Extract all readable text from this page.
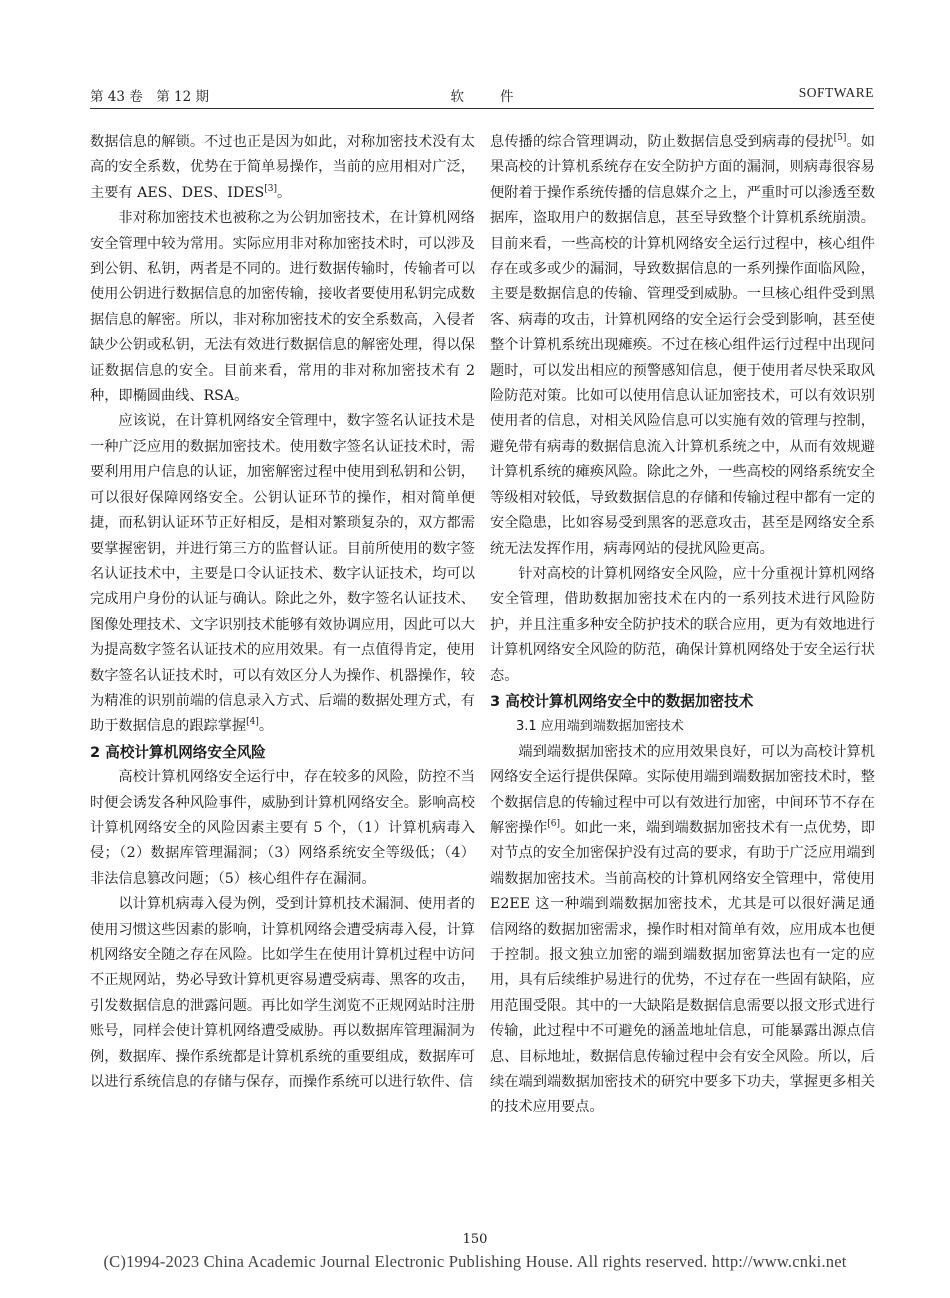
第 43 卷　第 12 期	软件	SOFTWARE

数据信息的解锁。不过也正是因为如此，对称加密技术没有太高的安全系数，优势在于简单易操作，当前的应用相对广泛，主要有 AES、DES、IDES[3]。

非对称加密技术也被称之为公钥加密技术，在计算机网络安全管理中较为常用。实际应用非对称加密技术时，可以涉及到公钥、私钥，两者是不同的。进行数据传输时，传输者可以使用公钥进行数据信息的加密传输，接收者要使用私钥完成数据信息的解密。所以，非对称加密技术的安全系数高，入侵者缺少公钥或私钥，无法有效进行数据信息的解密处理，得以保证数据信息的安全。目前来看，常用的非对称加密技术有 2 种，即椭圆曲线、RSA。

应该说，在计算机网络安全管理中，数字签名认证技术是一种广泛应用的数据加密技术。使用数字签名认证技术时，需要利用用户信息的认证，加密解密过程中使用到私钥和公钥，可以很好保障网络安全。公钥认证环节的操作，相对简单便捷，而私钥认证环节正好相反，是相对繁琐复杂的，双方都需要掌握密钥，并进行第三方的监督认证。目前所使用的数字签名认证技术中，主要是口令认证技术、数字认证技术，均可以完成用户身份的认证与确认。除此之外，数字签名认证技术、图像处理技术、文字识别技术能够有效协调应用，因此可以大为提高数字签名认证技术的应用效果。有一点值得肯定，使用数字签名认证技术时，可以有效区分人为操作、机器操作，较为精准的识别前端的信息录入方式、后端的数据处理方式，有助于数据信息的跟踪掌握[4]。

2 高校计算机网络安全风险

高校计算机网络安全运行中，存在较多的风险，防控不当时便会诱发各种风险事件，威胁到计算机网络安全。影响高校计算机网络安全的风险因素主要有 5 个，（1）计算机病毒入侵；（2）数据库管理漏洞；（3）网络系统安全等级低；（4）非法信息篡改问题；（5）核心组件存在漏洞。

以计算机病毒入侵为例，受到计算机技术漏洞、使用者的使用习惯这些因素的影响，计算机网络会遭受病毒入侵，计算机网络安全随之存在风险。比如学生在使用计算机过程中访问不正规网站，势必导致计算机更容易遭受病毒、黑客的攻击，引发数据信息的泄露问题。再比如学生浏览不正规网站时注册账号，同样会使计算机网络遭受威胁。再以数据库管理漏洞为例，数据库、操作系统都是计算机系统的重要组成，数据库可以进行系统信息的存储与保存，而操作系统可以进行软件、信

息传播的综合管理调动，防止数据信息受到病毒的侵扰[5]。如果高校的计算机系统存在安全防护方面的漏洞，则病毒很容易便附着于操作系统传播的信息媒介之上，严重时可以渗透至数据库，盗取用户的数据信息，甚至导致整个计算机系统崩溃。目前来看，一些高校的计算机网络安全运行过程中，核心组件存在或多或少的漏洞，导致数据信息的一系列操作面临风险，主要是数据信息的传输、管理受到威胁。一旦核心组件受到黑客、病毒的攻击，计算机网络的安全运行会受到影响，甚至使整个计算机系统出现瘫痪。不过在核心组件运行过程中出现问题时，可以发出相应的预警感知信息，便于使用者尽快采取风险防范对策。比如可以使用信息认证加密技术，可以有效识别使用者的信息，对相关风险信息可以实施有效的管理与控制，避免带有病毒的数据信息流入计算机系统之中，从而有效规避计算机系统的瘫痪风险。除此之外，一些高校的网络系统安全等级相对较低，导致数据信息的存储和传输过程中都有一定的安全隐患，比如容易受到黑客的恶意攻击，甚至是网络安全系统无法发挥作用，病毒网站的侵扰风险更高。

针对高校的计算机网络安全风险，应十分重视计算机网络安全管理，借助数据加密技术在内的一系列技术进行风险防护，并且注重多种安全防护技术的联合应用，更为有效地进行计算机网络安全风险的防范，确保计算机网络处于安全运行状态。

3 高校计算机网络安全中的数据加密技术
3.1 应用端到端数据加密技术

端到端数据加密技术的应用效果良好，可以为高校计算机网络安全运行提供保障。实际使用端到端数据加密技术时，整个数据信息的传输过程中可以有效进行加密，中间环节不存在解密操作[6]。如此一来，端到端数据加密技术有一点优势，即对节点的安全加密保护没有过高的要求，有助于广泛应用端到端数据加密技术。当前高校的计算机网络安全管理中，常使用 E2EE 这一种端到端数据加密技术，尤其是可以很好满足通信网络的数据加密需求，操作时相对简单有效，应用成本也便于控制。报文独立加密的端到端数据加密算法也有一定的应用，具有后续维护易进行的优势，不过存在一些固有缺陷，应用范围受限。其中的一大缺陷是数据信息需要以报文形式进行传输，此过程中不可避免的涵盖地址信息，可能暴露出源点信息、目标地址，数据信息传输过程中会有安全风险。所以，后续在端到端数据加密技术的研究中要多下功夫，掌握更多相关的技术应用要点。

150
(C)1994-2023 China Academic Journal Electronic Publishing House. All rights reserved. http://www.cnki.net
